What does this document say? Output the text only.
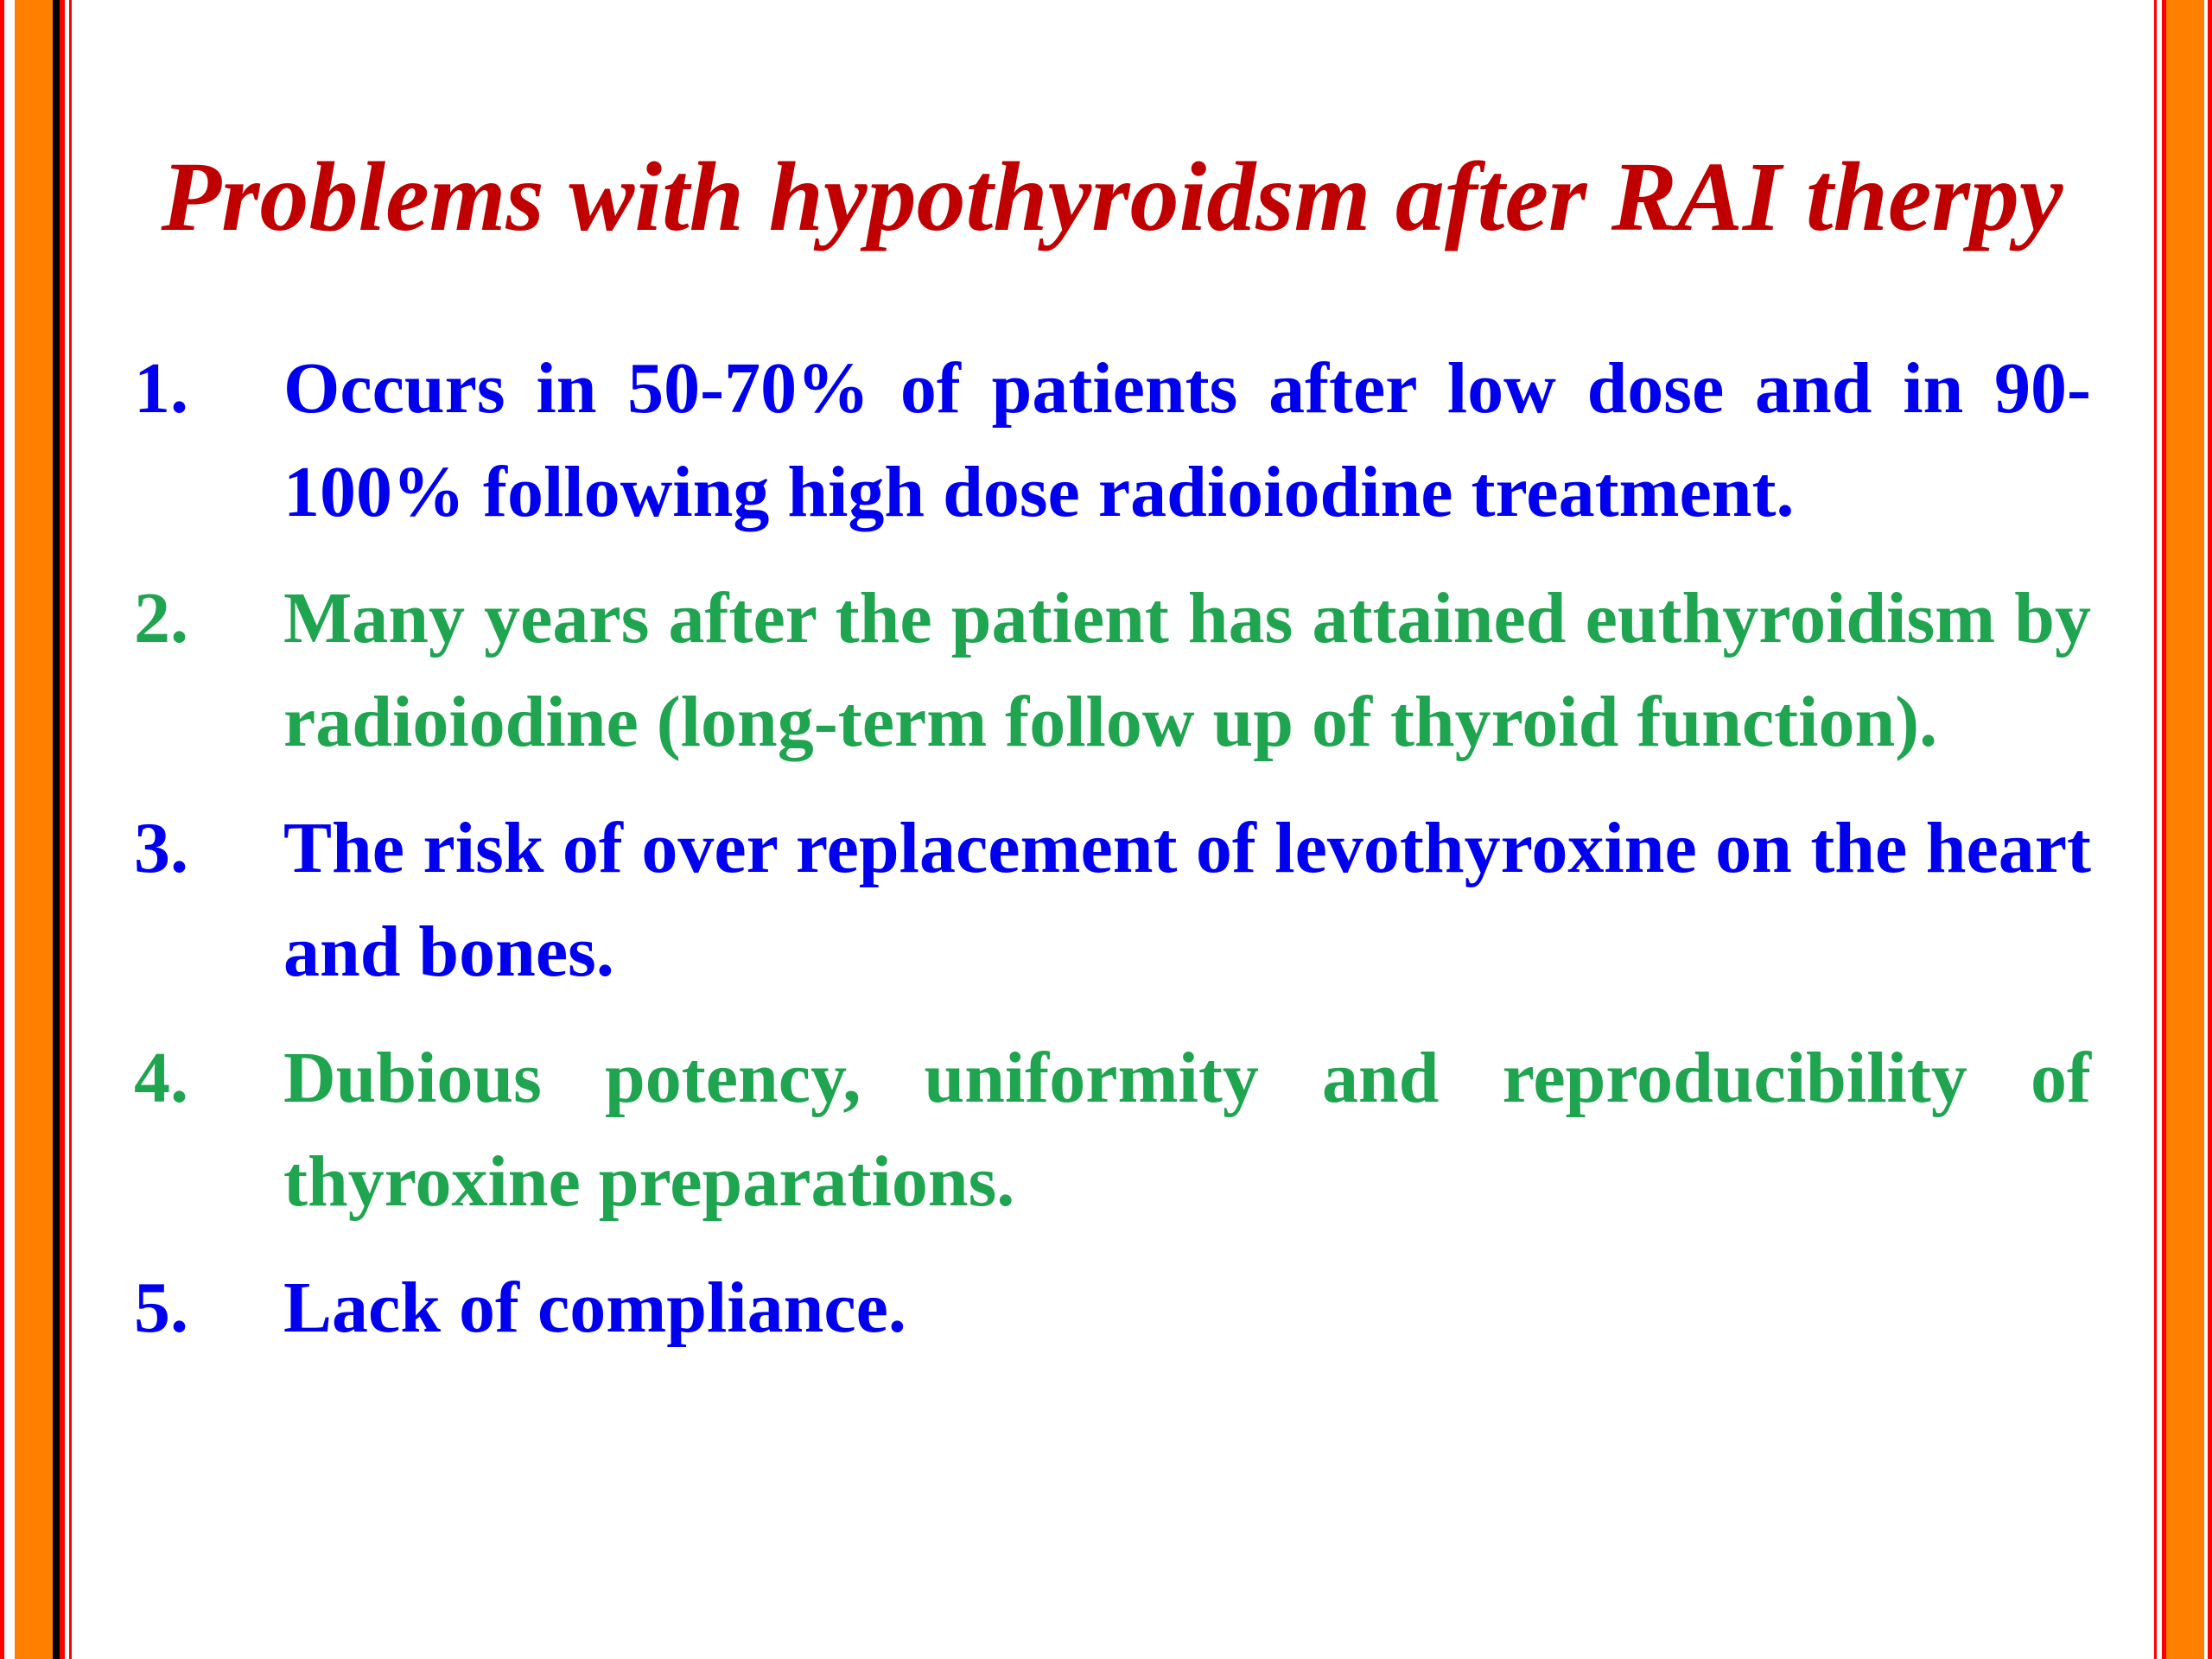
Problems with hypothyroidsm after RAI therpy
1. Occurs in 50-70% of patients after low dose and in 90-100% following high dose radioiodine treatment.
2. Many years after the patient has attained euthyroidism by radioiodine (long-term follow up of thyroid function).
3. The risk of over replacement of levothyroxine on the heart and bones.
4. Dubious potency, uniformity and reproducibility of thyroxine preparations.
5. Lack of compliance.
